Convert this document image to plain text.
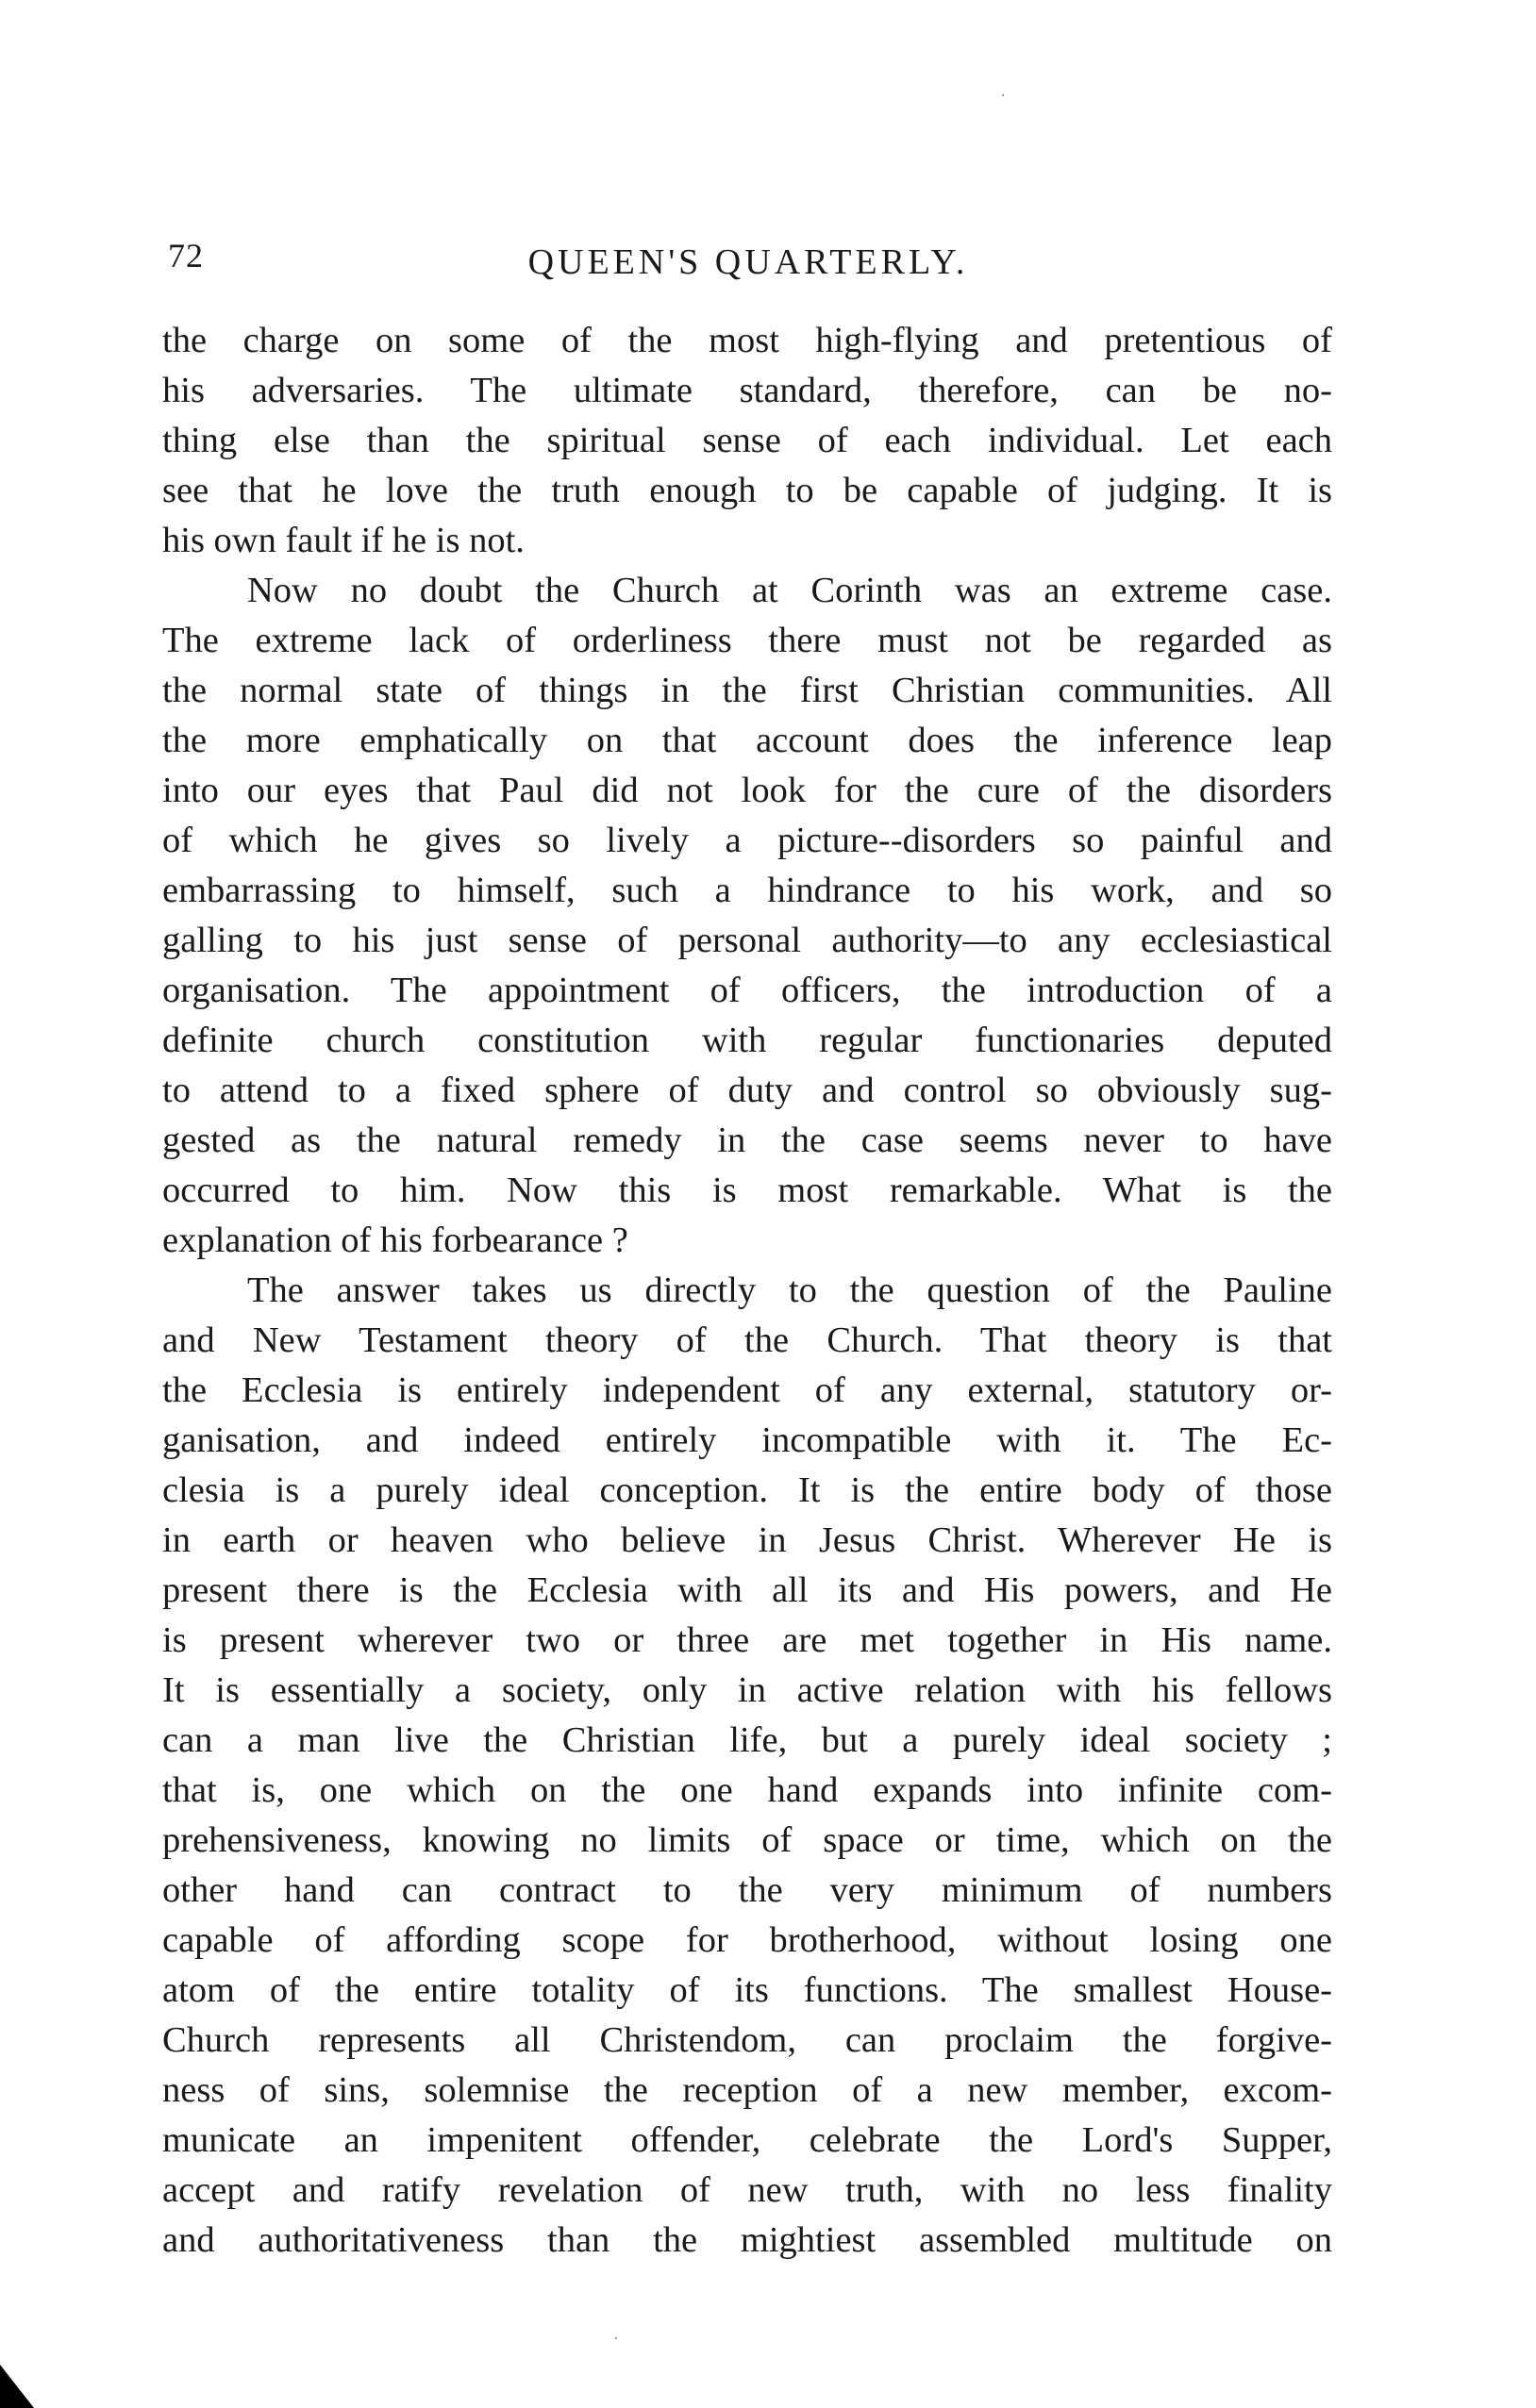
72	QUEEN'S QUARTERLY.
the charge on some of the most high-flying and pretentious of
his adversaries. The ultimate standard, therefore, can be no-
thing else than the spiritual sense of each individual. Let each
see that he love the truth enough to be capable of judging. It is
his own fault if he is not.
Now no doubt the Church at Corinth was an extreme case.
The extreme lack of orderliness there must not be regarded as
the normal state of things in the first Christian communities. All
the more emphatically on that account does the inference leap
into our eyes that Paul did not look for the cure of the disorders
of which he gives so lively a picture--disorders so painful and
embarrassing to himself, such a hindrance to his work, and so
galling to his just sense of personal authority—to any ecclesiastical
organisation. The appointment of officers, the introduction of a
definite church constitution with regular functionaries deputed
to attend to a fixed sphere of duty and control so obviously sug-
gested as the natural remedy in the case seems never to have
occurred to him. Now this is most remarkable. What is the
explanation of his forbearance ?
The answer takes us directly to the question of the Pauline
and New Testament theory of the Church. That theory is that
the Ecclesia is entirely independent of any external, statutory or-
ganisation, and indeed entirely incompatible with it. The Ec-
clesia is a purely ideal conception. It is the entire body of those
in earth or heaven who believe in Jesus Christ. Wherever He is
present there is the Ecclesia with all its and His powers, and He
is present wherever two or three are met together in His name.
It is essentially a society, only in active relation with his fellows
can a man live the Christian life, but a purely ideal society ;
that is, one which on the one hand expands into infinite com-
prehensiveness, knowing no limits of space or time, which on the
other hand can contract to the very minimum of numbers
capable of affording scope for brotherhood, without losing one
atom of the entire totality of its functions. The smallest House-
Church represents all Christendom, can proclaim the forgive-
ness of sins, solemnise the reception of a new member, excom-
municate an impenitent offender, celebrate the Lord's Supper,
accept and ratify revelation of new truth, with no less finality
and authoritativeness than the mightiest assembled multitude on
